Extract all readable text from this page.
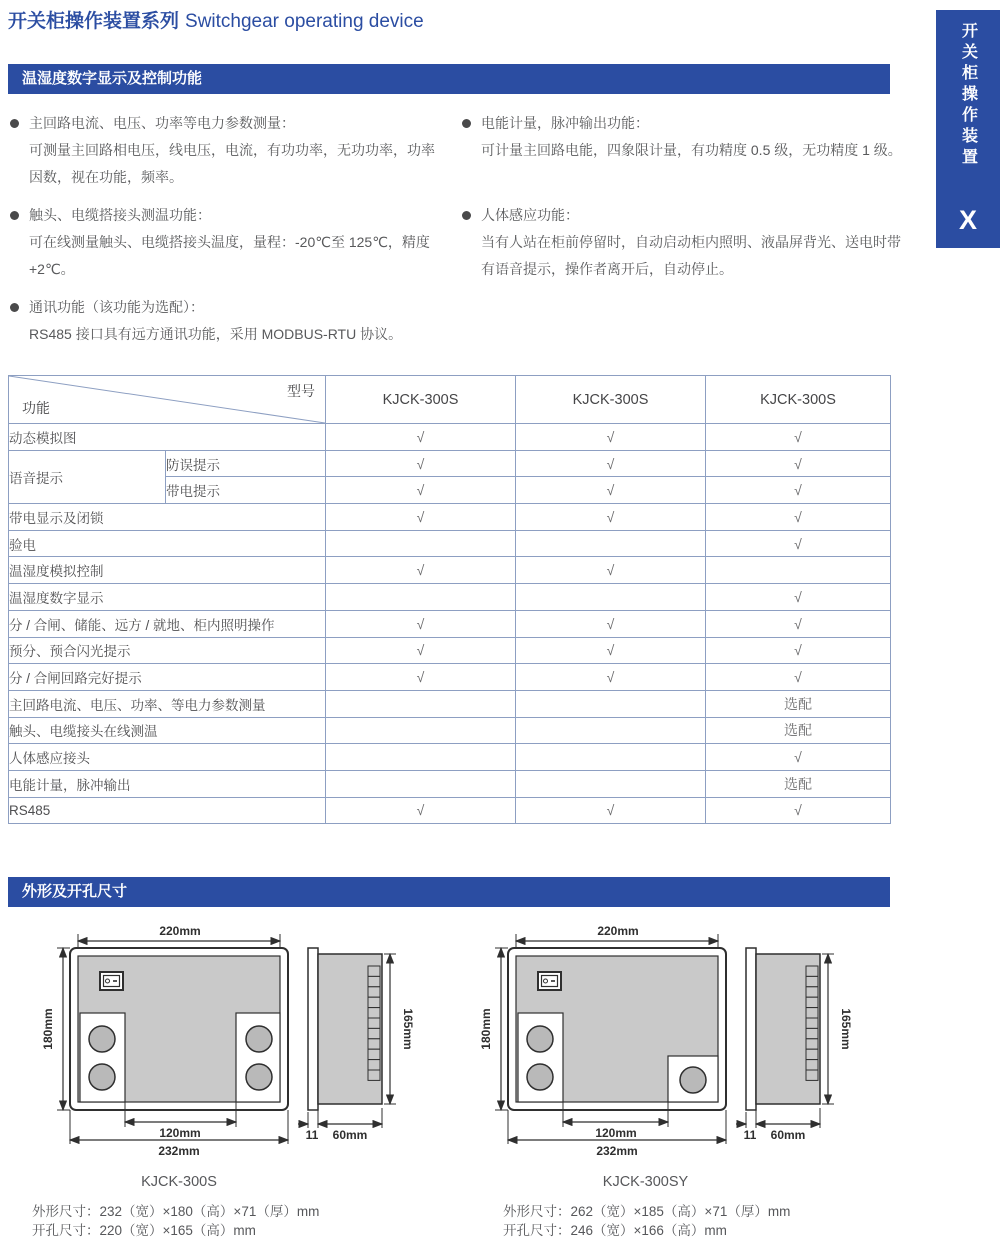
开关柜操作装置系列 Switchgear operating device
开关柜操作装置
X
温湿度数字显示及控制功能
主回路电流、电压、功率等电力参数测量：
可测量主回路相电压，线电压，电流，有功功率，无功功率，功率因数，视在功能，频率。
触头、电缆搭接头测温功能：
可在线测量触头、电缆搭接头温度，量程：-20℃至 125℃，精度 +2℃。
通讯功能（该功能为选配）：
RS485 接口具有远方通讯功能，采用 MODBUS-RTU 协议。
电能计量，脉冲输出功能：
可计量主回路电能，四象限计量，有功精度 0.5 级，无功精度 1 级。
人体感应功能：
当有人站在柜前停留时，自动启动柜内照明、液晶屏背光、送电时带有语音提示，操作者离开后，自动停止。
型号
功能		KJCK-300S	KJCK-300S	KJCK-300S
动态模拟图		√	√	√
语音提示	防误提示	√	√	√
	带电提示	√	√	√
带电显示及闭锁		√	√	√
验电				√
温湿度模拟控制		√	√	
温湿度数字显示				√
分 / 合闸、储能、远方 / 就地、柜内照明操作		√	√	√
预分、预合闪光提示		√	√	√
分 / 合闸回路完好提示		√	√	√
主回路电流、电压、功率、等电力参数测量				选配
触头、电缆接头在线测温				选配
人体感应接头				√
电能计量，脉冲输出				选配
RS485		√	√	√
外形及开孔尺寸
220mm
180mm
120mm
232mm
165mm
11 60mm
220mm
180mm
120mm
232mm
165mm
11 60mm
KJCK-300S	KJCK-300SY
外形尺寸：232（宽）×180（高）×71（厚）mm
开孔尺寸：220（宽）×165（高）mm
外形尺寸：262（宽）×185（高）×71（厚）mm
开孔尺寸：246（宽）×166（高）mm
